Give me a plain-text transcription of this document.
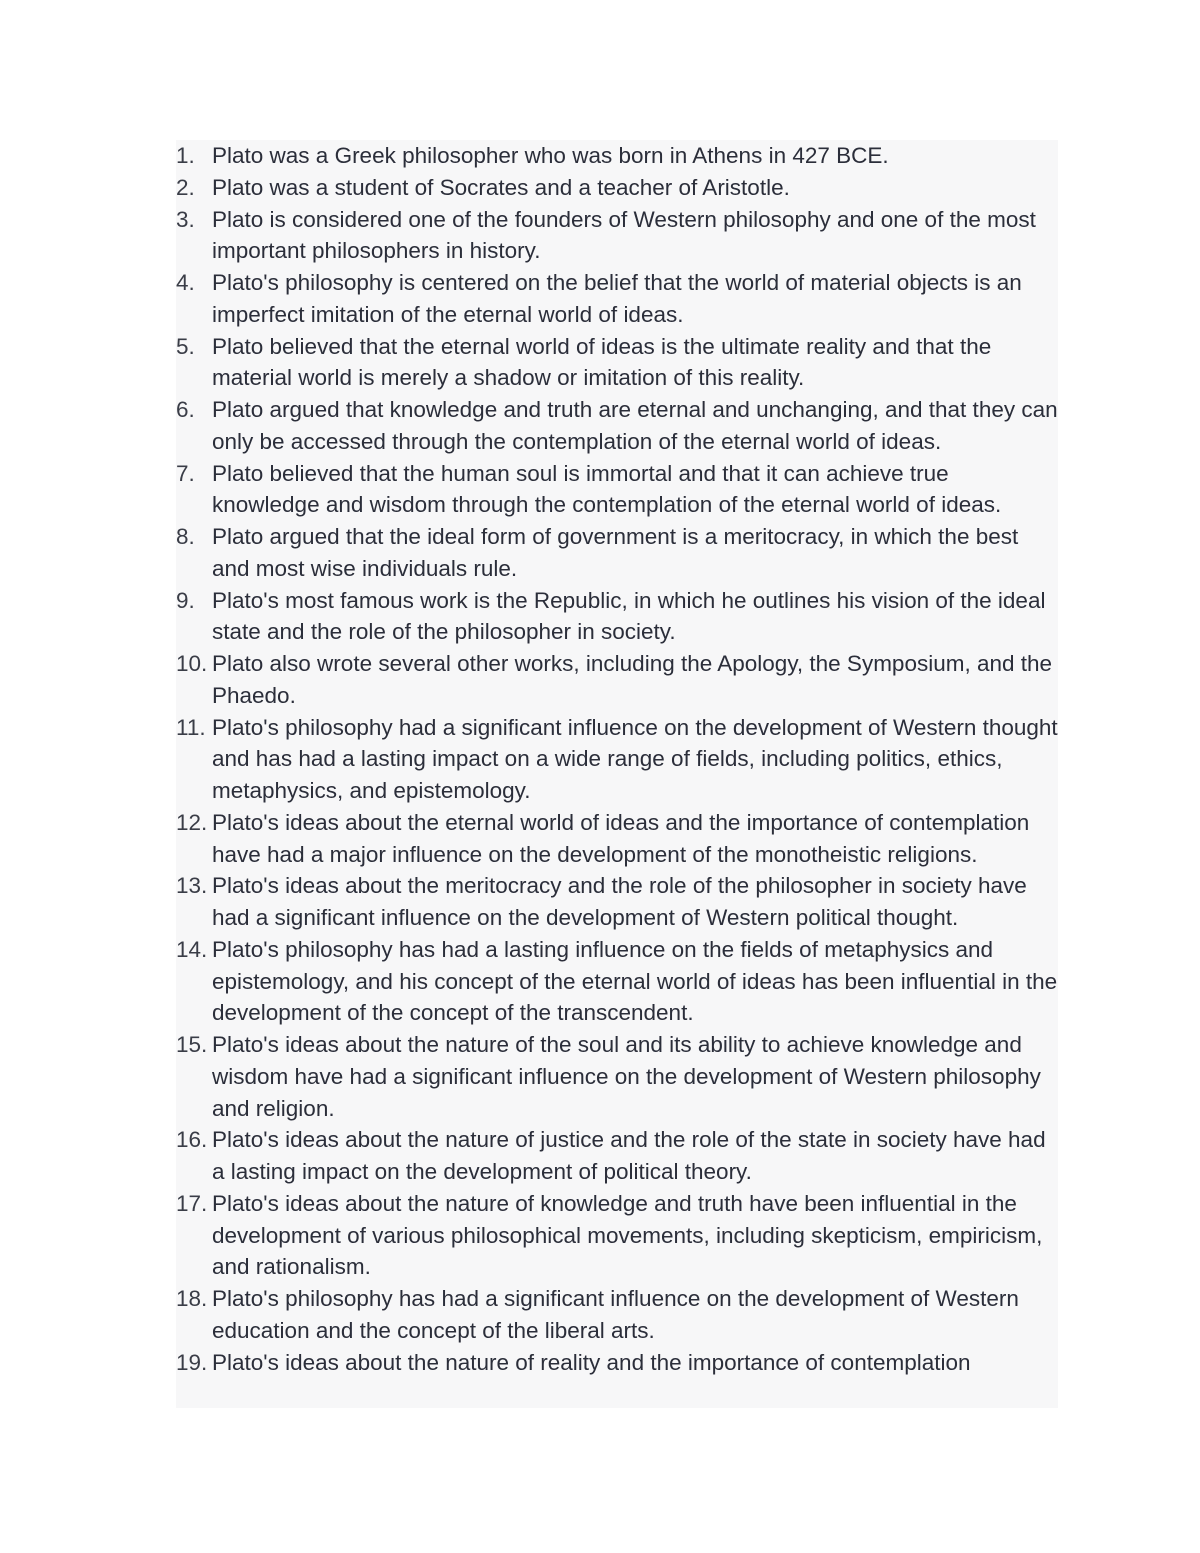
1. Plato was a Greek philosopher who was born in Athens in 427 BCE.
2. Plato was a student of Socrates and a teacher of Aristotle.
3. Plato is considered one of the founders of Western philosophy and one of the most important philosophers in history.
4. Plato's philosophy is centered on the belief that the world of material objects is an imperfect imitation of the eternal world of ideas.
5. Plato believed that the eternal world of ideas is the ultimate reality and that the material world is merely a shadow or imitation of this reality.
6. Plato argued that knowledge and truth are eternal and unchanging, and that they can only be accessed through the contemplation of the eternal world of ideas.
7. Plato believed that the human soul is immortal and that it can achieve true knowledge and wisdom through the contemplation of the eternal world of ideas.
8. Plato argued that the ideal form of government is a meritocracy, in which the best and most wise individuals rule.
9. Plato's most famous work is the Republic, in which he outlines his vision of the ideal state and the role of the philosopher in society.
10. Plato also wrote several other works, including the Apology, the Symposium, and the Phaedo.
11. Plato's philosophy had a significant influence on the development of Western thought and has had a lasting impact on a wide range of fields, including politics, ethics, metaphysics, and epistemology.
12. Plato's ideas about the eternal world of ideas and the importance of contemplation have had a major influence on the development of the monotheistic religions.
13. Plato's ideas about the meritocracy and the role of the philosopher in society have had a significant influence on the development of Western political thought.
14. Plato's philosophy has had a lasting influence on the fields of metaphysics and epistemology, and his concept of the eternal world of ideas has been influential in the development of the concept of the transcendent.
15. Plato's ideas about the nature of the soul and its ability to achieve knowledge and wisdom have had a significant influence on the development of Western philosophy and religion.
16. Plato's ideas about the nature of justice and the role of the state in society have had a lasting impact on the development of political theory.
17. Plato's ideas about the nature of knowledge and truth have been influential in the development of various philosophical movements, including skepticism, empiricism, and rationalism.
18. Plato's philosophy has had a significant influence on the development of Western education and the concept of the liberal arts.
19. Plato's ideas about the nature of reality and the importance of contemplation
